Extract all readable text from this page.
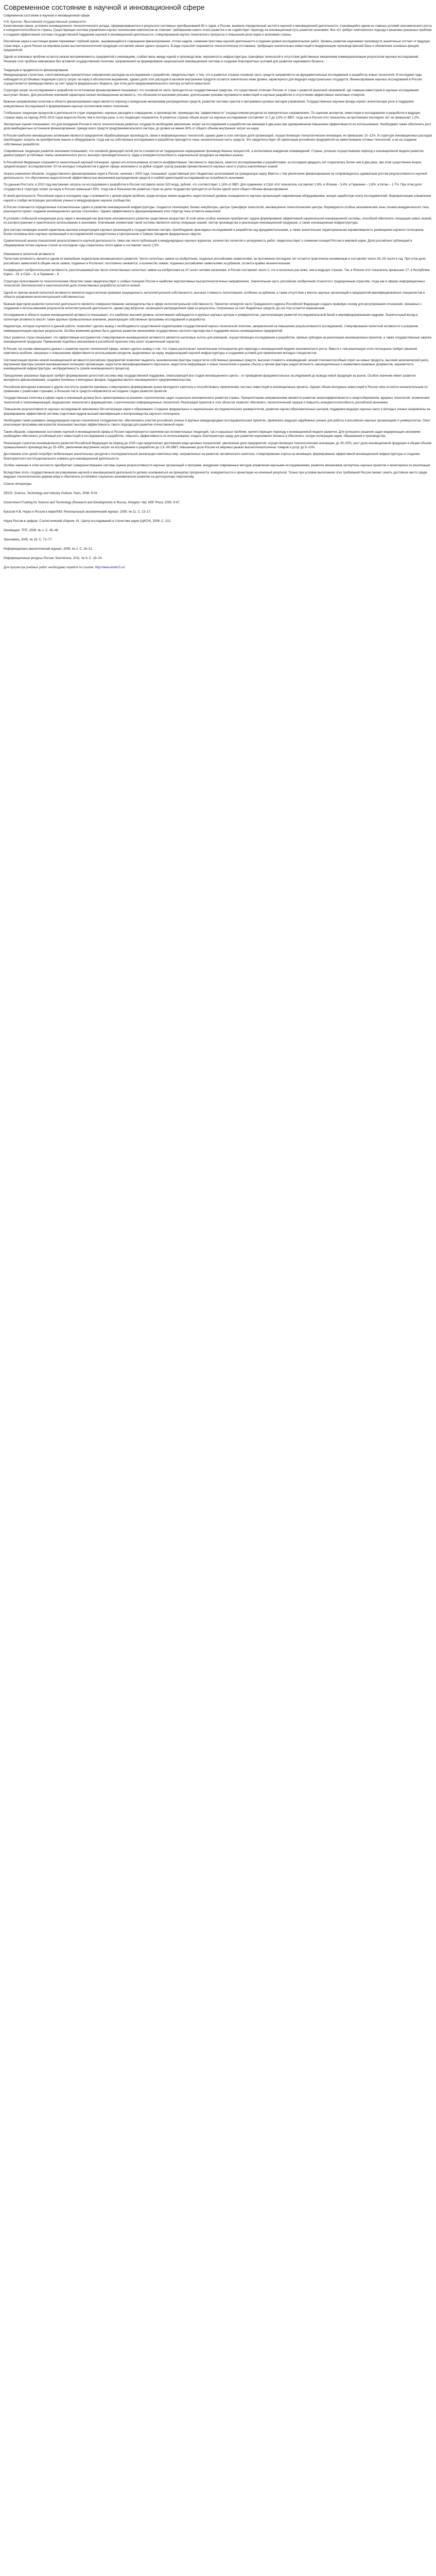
Современное состояние в научной и инновационной сфере

Современное состояние в научной и инновационной сфере

Н.В. Букатая, Ярославский государственный университет

Качественная смена, условиях инновационного технологического уклада, сформировавшегося в результате системных преобразований 90-х годов, в России, выявила определенный застой в научной и инновационной деятельности, становящейся одним из главных условий экономического роста и конкурентоспособности страны. Существующая система управления научно-техническим комплексом не отвечает требованиям нового этапа развития и не содействует переходу на инновационный путь развития экономики. Все это требует комплексного подхода к решению указанных проблем и создания эффективной системы государственной поддержки научной и инновационной деятельности, стимулирования научно-технического прогресса и повышения роли науки в экономике страны.

Российская наука в настоящее время переживает глубокий кризис, выражающийся в сокращении финансирования, оттоке кадров, снижении престижа научной деятельности и падении уровня исследовательских работ. Уровень развития наукоемких производств значительно отстает от ведущих стран мира, а доля России на мировом рынке высокотехнологичной продукции составляет менее одного процента. В ряде отраслей сохраняется технологическое отставание, требующее значительных инвестиций в модернизацию производственной базы и обновление основных фондов предприятий.

Одной из ключевых проблем остается низкая восприимчивость предприятий к инновациям, слабая связь между наукой и производством, неразвитость инфраструктуры трансфера технологий и отсутствие действенных механизмов коммерциализации результатов научных исследований. Решение этих проблем невозможно без активной государственной политики, направленной на формирование национальной инновационной системы и создание благоприятных условий для развития наукоемкого бизнеса.

Тенденции в предметности финансирования

Международная статистика, сопоставляющая приоритетные направления расходов на исследования и разработки, свидетельствует о том, что в развитых странах основная часть средств направляется на фундаментальные исследования и разработку новых технологий. В последние годы наблюдается устойчивая тенденция к росту затрат на науку в абсолютном выражении, однако доля этих расходов в валовом внутреннем продукте остается значительно ниже уровня, характерного для ведущих индустриальных государств. Финансирование научных исследований в России осуществляется преимущественно за счет средств федерального бюджета, при этом доля предпринимательского сектора остается невысокой.

Структура затрат на исследования и разработки по источникам финансирования показывает, что основная их часть приходится на государственные средства, что существенно отличает Россию от стран с развитой рыночной экономикой, где главным инвестором в научные исследования выступает бизнес. Для российских компаний характерна низкая инновационная активность, что объясняется высокими рисками, длительными сроками окупаемости инвестиций в научные разработки и отсутствием эффективных налоговых стимулов.

Важным направлением политики в области финансирования науки является переход к конкурсным механизмам распределения средств, развитие системы грантов и программно-целевых методов управления. Государственные научные фонды играют значительную роль в поддержке инициативных исследований и формировании научных коллективов нового поколения.

Глобальные тенденции процессов в деятельности стран определяют, научные расходов и сокращению, в производстве, преимущества "эффективности" сосредоточения ресурсов на приоритетных направлениях. По оценкам экспертов, инвестиции в исследования и разработки в ведущих странах мира за период 2003–2010 годов выросли более чем в полтора раза, и эта тенденция сохраняется. В развитых странах объем затрат на научные исследования составляет от 2 до 3,5% от ВВП, тогда как в России этот показатель на протяжении последних лет не превышает 1,2%.

Экспертные оценки показывают, что для вхождения России в число технологически развитых государств необходимо увеличение затрат на исследования и разработки как минимум в два раза при одновременном повышении эффективности их использования. Необходимо также обеспечить рост доли внебюджетных источников финансирования, прежде всего средств предпринимательского сектора, до уровня не менее 50% от общего объема внутренних затрат на науку.

В России наиболее инновационно активными являются предприятия обрабатывающих производств, связи и информационных технологий, однако даже в этих секторах доля организаций, осуществляющих технологические инновации, не превышает 10–12%. В структуре инновационных расходов преобладают затраты на приобретение машин и оборудования, тогда как на собственные исследования и разработки приходится лишь незначительная часть средств. Это свидетельствует об ориентации российских предприятий на заимствование готовых технологий, а не на создание собственных разработок.

Современные тенденции развития экономики показывают, что основной движущей силой роста становится не традиционное наращивание производственных мощностей, а интенсивное внедрение нововведений. Страны, успешно осуществившие переход к инновационной модели развития, демонстрируют устойчивые темпы экономического роста, высокую производительность труда и конкурентоспособность национальной продукции на мировых рынках.

В Российской Федерации сохраняется значительный научный потенциал, однако его использование остается неэффективным. Численность персонала, занятого исследованиями и разработками, за последние двадцать лет сократилась более чем в два раза, при этом существенно возрос средний возраст исследователей. Отток молодых специалистов в другие сферы экономики и за рубеж создает угрозу разрыва преемственности научных школ и утраты накопленных знаний.

Анализ изменения объемов, государственного финансирования науки в России, начиная с 2000 года, показывает существенный рост бюджетных ассигнований на гражданскую науку. Вместе с тем увеличение финансирования не сопровождалось адекватным ростом результативности научной деятельности, что обусловлено недостаточной эффективностью механизмов распределения средств и слабой ориентацией исследований на потребности экономики.

По данным Росстата, в 2010 году внутренние затраты на исследования и разработки в России составили около 523 млрд. рублей, что соответствует 1,16% от ВВП. Для сравнения, в США этот показатель составляет 2,8%, в Японии – 3,4%, в Германии – 2,8%, в Китае – 1,7%. При этом доля государства в структуре затрат на науку в России превышает 65%, тогда как в большинстве развитых стран на долю государства приходится не более одной трети общего объема финансирования.

В своей деятельности, Российская наука в последние годы сталкивается с целым рядом проблем, среди которых можно выделить недостаточный уровень оснащенности научных организаций современным оборудованием, низкую заработную плату исследователей, бюрократизацию управления наукой и слабую интеграцию российских ученых в международное научное сообщество.

В России отмечаются определенные положительные сдвиги в развитии инновационной инфраструктуры: создаются технопарки, бизнес-инкубаторы, центры трансфера технологий, инновационно-технологические центры. Формируются особые экономические зоны технико-внедренческого типа, реализуется проект создания инновационного центра «Сколково». Однако эффективность функционирования этих структур пока остается невысокой.

В условиях глобальной конкуренции роль науки и инноваций как факторов экономического развития существенно возрастает. В этой связи особое значение приобретает задача формирования эффективной национальной инновационной системы, способной обеспечить генерацию новых знаний, их распространение и практическое использование в экономике. Ключевыми элементами такой системы являются сектор генерации знаний, сектор производства и реализации инновационной продукции, а также инновационная инфраструктура.

Для сектора генерации знаний характерны высокая концентрация научных организаций в государственном секторе, преобладание прикладных исследований и разработок над фундаментальными, а также значительная территориальная неравномерность размещения научного потенциала. Более половины всех научных организаций и исследователей сосредоточены в Центральном и Северо-Западном федеральных округах.

Сравнительный анализ показателей результативности научной деятельности, таких как число публикаций в международных научных журналах, количество патентов и цитируемость работ, свидетельствует о снижении позиций России в мировой науке. Доля российских публикаций в общемировом потоке научных статей за последние годы сократилась почти вдвое и составляет около 2,5%.

Изменения в патентной активности

Патентная активность является одним из важнейших индикаторов инновационного развития. Число патентных заявок на изобретения, поданных российскими заявителями, на протяжении последних лет остается практически неизменным и составляет около 28–29 тысяч в год. При этом доля российских заявителей в общем числе заявок, поданных в Роспатент, постепенно снижается, а количество заявок, поданных российскими заявителями за рубежом, остается крайне незначительным.

Коэффициент изобретательской активности, рассчитываемый как число отечественных патентных заявок на изобретения на 10 тысяч человек населения, в России составляет около 2, что в несколько раз ниже, чем в ведущих странах. Так, в Японии этот показатель превышает 27, в Республике Корея – 25, в США – 8, в Германии – 6.

Структура патентования по технологическим областям также свидетельствует о слабых позициях России в наиболее перспективных высокотехнологичных направлениях. Значительная часть российских изобретений относится к традиционным отраслям, тогда как в сферах информационных технологий, биотехнологий и нанотехнологий доля отечественных разработок остается низкой.

Одной из причин низкой патентной активности является недостаточная правовая защищенность интеллектуальной собственности, высокая стоимость патентования, особенно за рубежом, а также отсутствие у многих научных организаций и предприятий квалифицированных специалистов в области управления интеллектуальной собственностью.

Важным фактором развития патентной деятельности является совершенствование законодательства в сфере интеллектуальной собственности. Принятие четвертой части Гражданского кодекса Российской Федерации создало правовую основу для регулирования отношений, связанных с созданием и использованием результатов интеллектуальной деятельности, однако ряд вопросов, касающихся распределения прав на результаты, полученные за счет бюджетных средств, до сих пор остается нерешенным.

Исследования в области оценки инновационной активности показывают, что наиболее высокий уровень патентования наблюдается в крупных научных центрах и университетах, располагающих развитой исследовательской базой и квалифицированными кадрами. Значительный вклад в патентную активность вносят также крупные промышленные компании, реализующие собственные программы исследований и разработок.

Индикаторы, которые изучаются в данной работе, позволяют сделать вывод о необходимости существенной корректировки государственной научно-технической политики, направленной на повышение результативности исследований, стимулирование патентной активности и ускорение коммерциализации научных результатов. Особое внимание должно быть уделено развитию механизмов государственно-частного партнерства и поддержке малых инновационных предприятий.

Опыт развитых стран показывает, что эффективным инструментом стимулирования инновационной активности являются налоговые льготы для компаний, осуществляющих исследования и разработки, прямые субсидии на реализацию инновационных проектов, а также государственные закупки инновационной продукции. Применение подобных механизмов в российской практике пока носит ограниченный характер.

В России, на основе имеющихся данных о развитии научно-технической сферы, можно сделать вывод о том, что страна располагает значительным потенциалом для перехода к инновационной модели экономического роста. Вместе с тем реализация этого потенциала требует решения комплекса проблем, связанных с повышением эффективности использования ресурсов, выделяемых на науку, модернизацией научной инфраструктуры и созданием условий для привлечения молодых специалистов.

Систематизация причин низкой инновационной активности российских предприятий позволяет выделить экономические факторы (недостаток собственных денежных средств, высокая стоимость нововведений, низкий платежеспособный спрос на новые продукты, высокий экономический риск), внутренние факторы (низкий инновационный потенциал организации, недостаток квалифицированного персонала, недостаток информации о новых технологиях и рынках сбыта) и прочие факторы (недостаточность законодательных и нормативно-правовых документов, неразвитость инновационной инфраструктуры, неопределенность сроков инновационного процесса).

Преодоление указанных барьеров требует формирования целостной системы мер государственной поддержки, охватывающей все стадии инновационного цикла – от проведения фундаментальных исследований до вывода новой продукции на рынок. Особое значение имеет развитие венчурного финансирования, создание посевных и венчурных фондов, поддержка малого инновационного предпринимательства.

Российская венчурная компания и другие институты развития призваны стимулировать формирование рынка венчурного капитала и способствовать привлечению частных инвестиций в инновационные проекты. Однако объем венчурных инвестиций в России пока остается незначительным по сравнению с развитыми странами, а большая часть средств направляется на поздние стадии развития проектов.

Государственная политика в сфере науки и инноваций должна быть ориентирована на решение стратегических задач социально-экономического развития страны. Приоритетными направлениями являются развитие энергоэффективности и энергосбережения, ядерных технологий, космических технологий и телекоммуникаций, медицинских технологий и фармацевтики, стратегических информационных технологий. Реализация проектов в этих областях позволит обеспечить технологический прорыв и повысить конкурентоспособность российской экономики.

Повышение результативности научных исследований невозможно без интеграции науки и образования. Создание федеральных и национальных исследовательских университетов, развитие научно-образовательных центров, поддержка ведущих научных школ и молодых ученых направлены на формирование эффективной системы подготовки кадров высшей квалификации и воспроизводства научного потенциала.

Необходимо также развивать международное научно-техническое сотрудничество, обеспечивать участие российских ученых в крупных международных исследовательских проектах, привлекать ведущих зарубежных ученых для работы в российских научных организациях и университетах. Опыт реализации программы мегагрантов показывает высокую эффективность такого подхода для развития отечественной науки.

Таким образом, современное состояние научной и инновационной сферы в России характеризуется наличием как положительных тенденций, так и серьезных проблем, препятствующих переходу к инновационной модели развития. Для успешного решения задач модернизации экономики необходимо обеспечить устойчивый рост инвестиций в исследования и разработки, повысить эффективность их использования, создать благоприятную среду для развития наукоемкого бизнеса и обеспечить тесную интеграцию науки, образования и производства.

Реализация стратегии инновационного развития Российской Федерации на период до 2020 года предполагает достижение ряда целевых показателей: увеличение доли предприятий, осуществляющих технологические инновации, до 40–50%; рост доли инновационной продукции в общем объеме промышленного производства до 25–35%; увеличение внутренних затрат на исследования и разработки до 2,5–3% ВВП; повышение доли России на мировых рынках высокотехнологичных товаров и услуг до 5–10%.

Достижение этих целей потребует мобилизации значительных ресурсов и последовательной реализации комплекса мер, направленных на развитие человеческого капитала, стимулирование спроса на инновации, формирование эффективной инновационной инфраструктуры и создание благоприятного институционального климата для инновационной деятельности.

Особое значение в этом контексте приобретает совершенствование системы оценки результативности научных организаций и программ, внедрение современных методов управления научными исследованиями, развитие механизмов экспертизы научных проектов и мониторинга их реализации.

Вследствие этого, государственное регулирование научной и инновационной деятельности должно основываться на принципах прозрачности, конкурентности и ориентации на конечный результат. Только при условии выполнения этих требований Россия сможет занять достойное место среди ведущих технологических держав мира и обеспечить устойчивое социально-экономическое развитие на долгосрочную перспективу.

Список литературы

OECD. Science, Technology and Industry Outlook. Paris, 2008. P.24.

Government Funding for Science and Technology (Research and Development) in Russia. Arlington: Nat. NSF Press, 2003. P.47.

Букатая Н.В. Наука и Россия в мире//МЭ: Региональный экономический журнал. 2009. № 11. С. 13–17.

Наука России в цифрах: Статистический сборник. М.: Центр исследований и статистики науки (ЦИСН), 2006. С. 102.

Инновации: ТПП, 2009. № 1. С. 45–48.

Экономика. 2005. № 19. С. 72–77.

Информационно-аналитический журнал. 2009. № 2. С. 16–21.

Информационные ресурсы России. Бюллетень. 2011. № 6. С. 18–24.

Для просмотра учебных работ необходимо перейти по ссылке: http://www.world-5.ru/
